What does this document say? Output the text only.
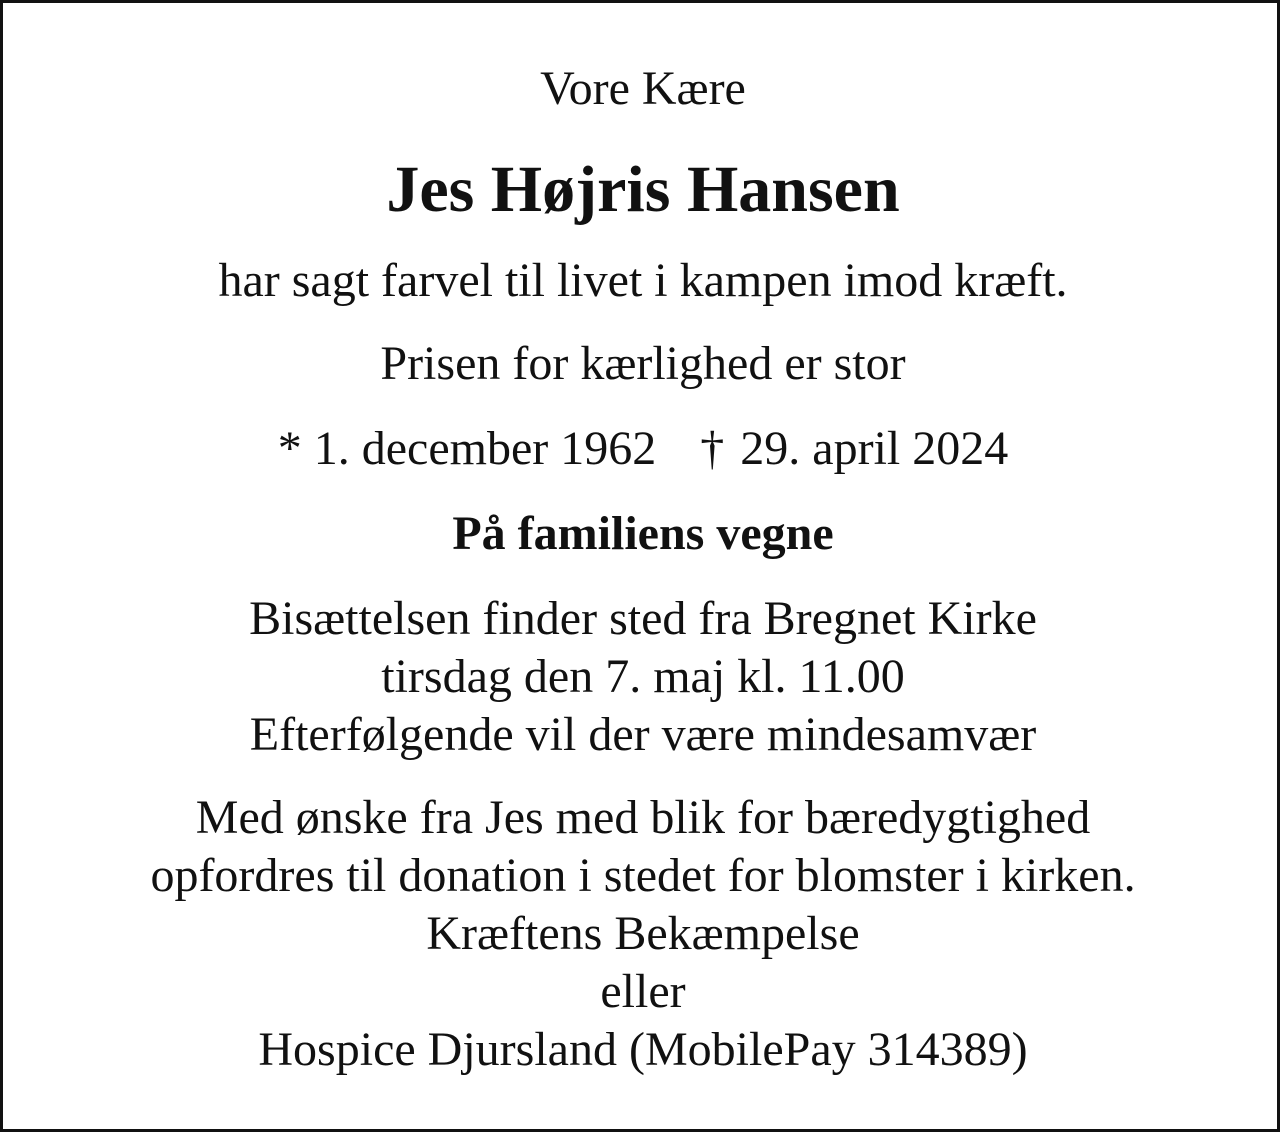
Vore Kære
Jes Højris Hansen
har sagt farvel til livet i kampen imod kræft.
Prisen for kærlighed er stor
*
1. december 1962 † 29. april 2024
På familiens vegne
Bisættelsen finder sted fra Bregnet Kirke
tirsdag den 7. maj kl. 11.00
Efterfølgende vil der være mindesamvær
Med ønske fra Jes med blik for bæredygtighed
opfordres til donation i stedet for blomster i kirken.
Kræftens Bekæmpelse
eller
Hospice Djursland (MobilePay 314389)
